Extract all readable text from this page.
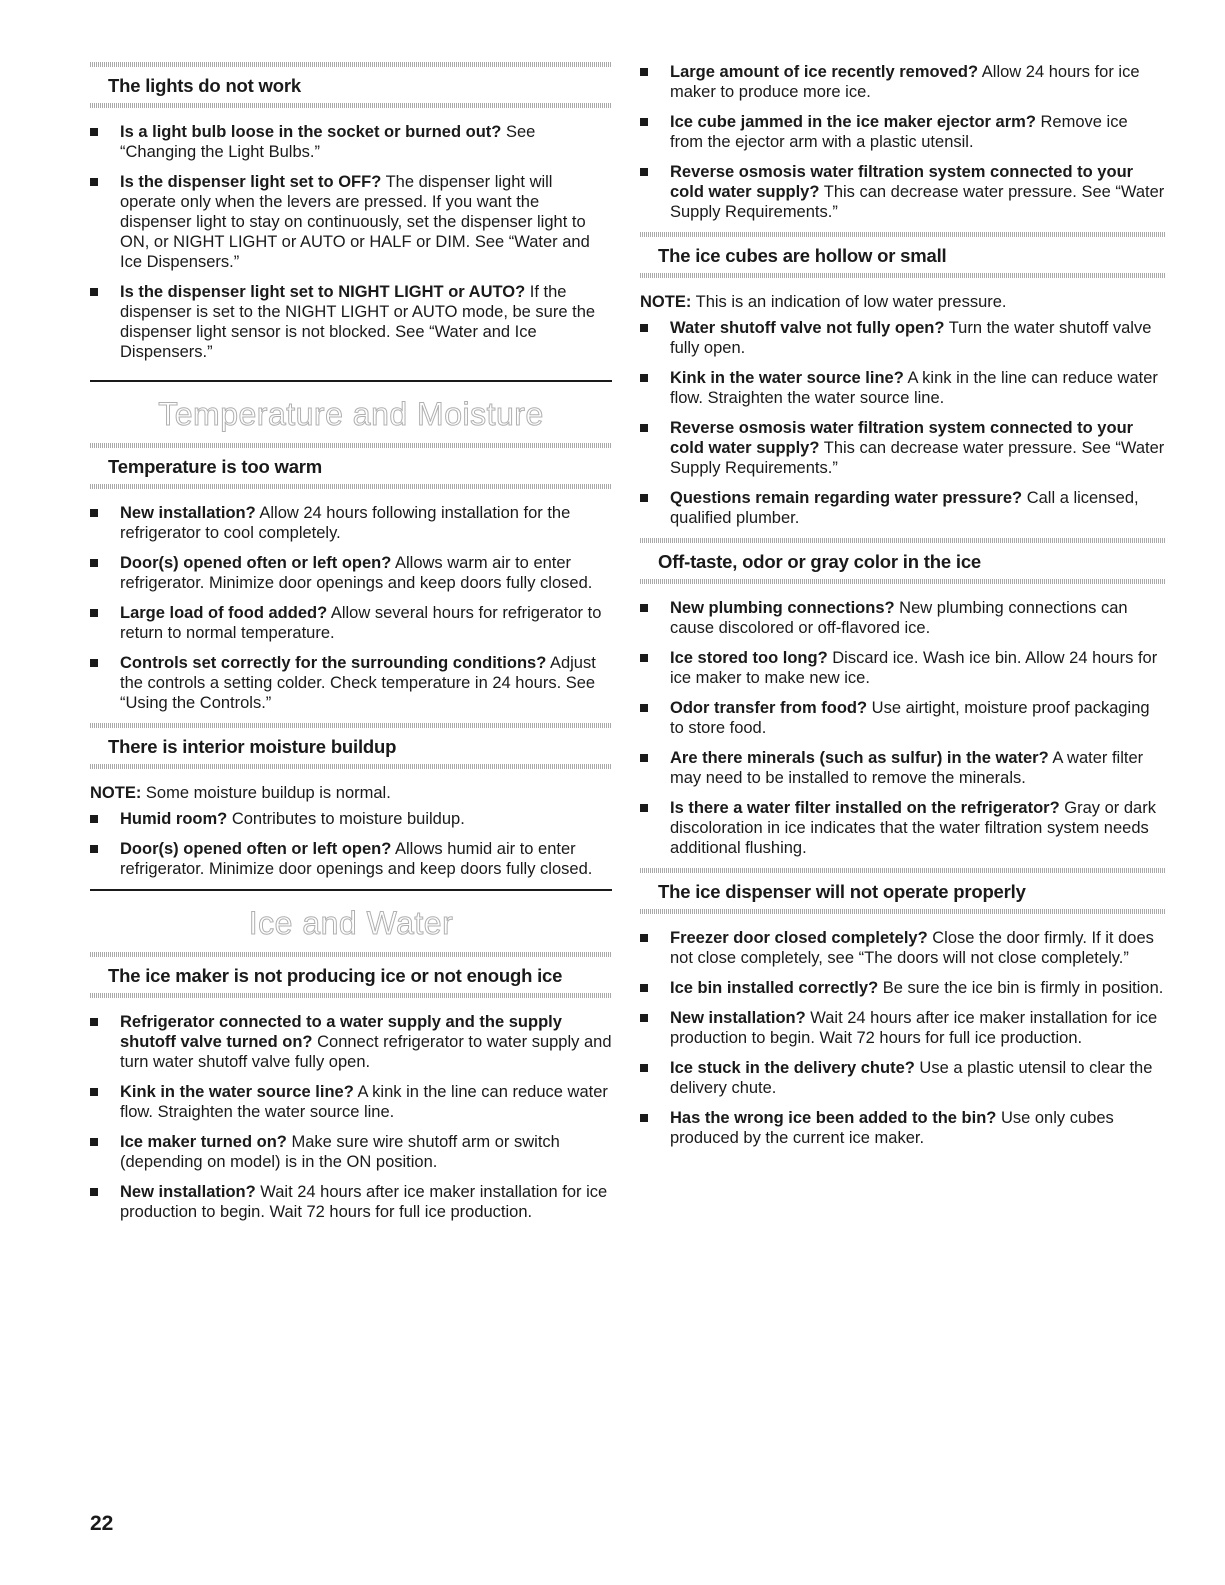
The lights do not work
Is a light bulb loose in the socket or burned out? See “Changing the Light Bulbs.”
Is the dispenser light set to OFF? The dispenser light will operate only when the levers are pressed. If you want the dispenser light to stay on continuously, set the dispenser light to ON, or NIGHT LIGHT or AUTO or HALF or DIM. See “Water and Ice Dispensers.”
Is the dispenser light set to NIGHT LIGHT or AUTO? If the dispenser is set to the NIGHT LIGHT or AUTO mode, be sure the dispenser light sensor is not blocked. See “Water and Ice Dispensers.”
Temperature and Moisture
Temperature is too warm
New installation? Allow 24 hours following installation for the refrigerator to cool completely.
Door(s) opened often or left open? Allows warm air to enter refrigerator. Minimize door openings and keep doors fully closed.
Large load of food added? Allow several hours for refrigerator to return to normal temperature.
Controls set correctly for the surrounding conditions? Adjust the controls a setting colder. Check temperature in 24 hours. See “Using the Controls.”
There is interior moisture buildup

NOTE: Some moisture buildup is normal.

Humid room? Contributes to moisture buildup.
Door(s) opened often or left open? Allows humid air to enter refrigerator. Minimize door openings and keep doors fully closed.
Ice and Water
The ice maker is not producing ice or not enough ice
Refrigerator connected to a water supply and the supply shutoff valve turned on? Connect refrigerator to water supply and turn water shutoff valve fully open.
Kink in the water source line? A kink in the line can reduce water flow. Straighten the water source line.
Ice maker turned on? Make sure wire shutoff arm or switch (depending on model) is in the ON position.
New installation? Wait 24 hours after ice maker installation for ice production to begin. Wait 72 hours for full ice production.
Large amount of ice recently removed? Allow 24 hours for ice maker to produce more ice.
Ice cube jammed in the ice maker ejector arm? Remove ice from the ejector arm with a plastic utensil.
Reverse osmosis water filtration system connected to your cold water supply? This can decrease water pressure. See “Water Supply Requirements.”
The ice cubes are hollow or small

NOTE: This is an indication of low water pressure.

Water shutoff valve not fully open? Turn the water shutoff valve fully open.
Kink in the water source line? A kink in the line can reduce water flow. Straighten the water source line.
Reverse osmosis water filtration system connected to your cold water supply? This can decrease water pressure. See “Water Supply Requirements.”
Questions remain regarding water pressure? Call a licensed, qualified plumber.
Off-taste, odor or gray color in the ice
New plumbing connections? New plumbing connections can cause discolored or off-flavored ice.
Ice stored too long? Discard ice. Wash ice bin. Allow 24 hours for ice maker to make new ice.
Odor transfer from food? Use airtight, moisture proof packaging to store food.
Are there minerals (such as sulfur) in the water? A water filter may need to be installed to remove the minerals.
Is there a water filter installed on the refrigerator? Gray or dark discoloration in ice indicates that the water filtration system needs additional flushing.
The ice dispenser will not operate properly
Freezer door closed completely? Close the door firmly. If it does not close completely, see “The doors will not close completely.”
Ice bin installed correctly? Be sure the ice bin is firmly in position.
New installation? Wait 24 hours after ice maker installation for ice production to begin. Wait 72 hours for full ice production.
Ice stuck in the delivery chute? Use a plastic utensil to clear the delivery chute.
Has the wrong ice been added to the bin? Use only cubes produced by the current ice maker.
22
